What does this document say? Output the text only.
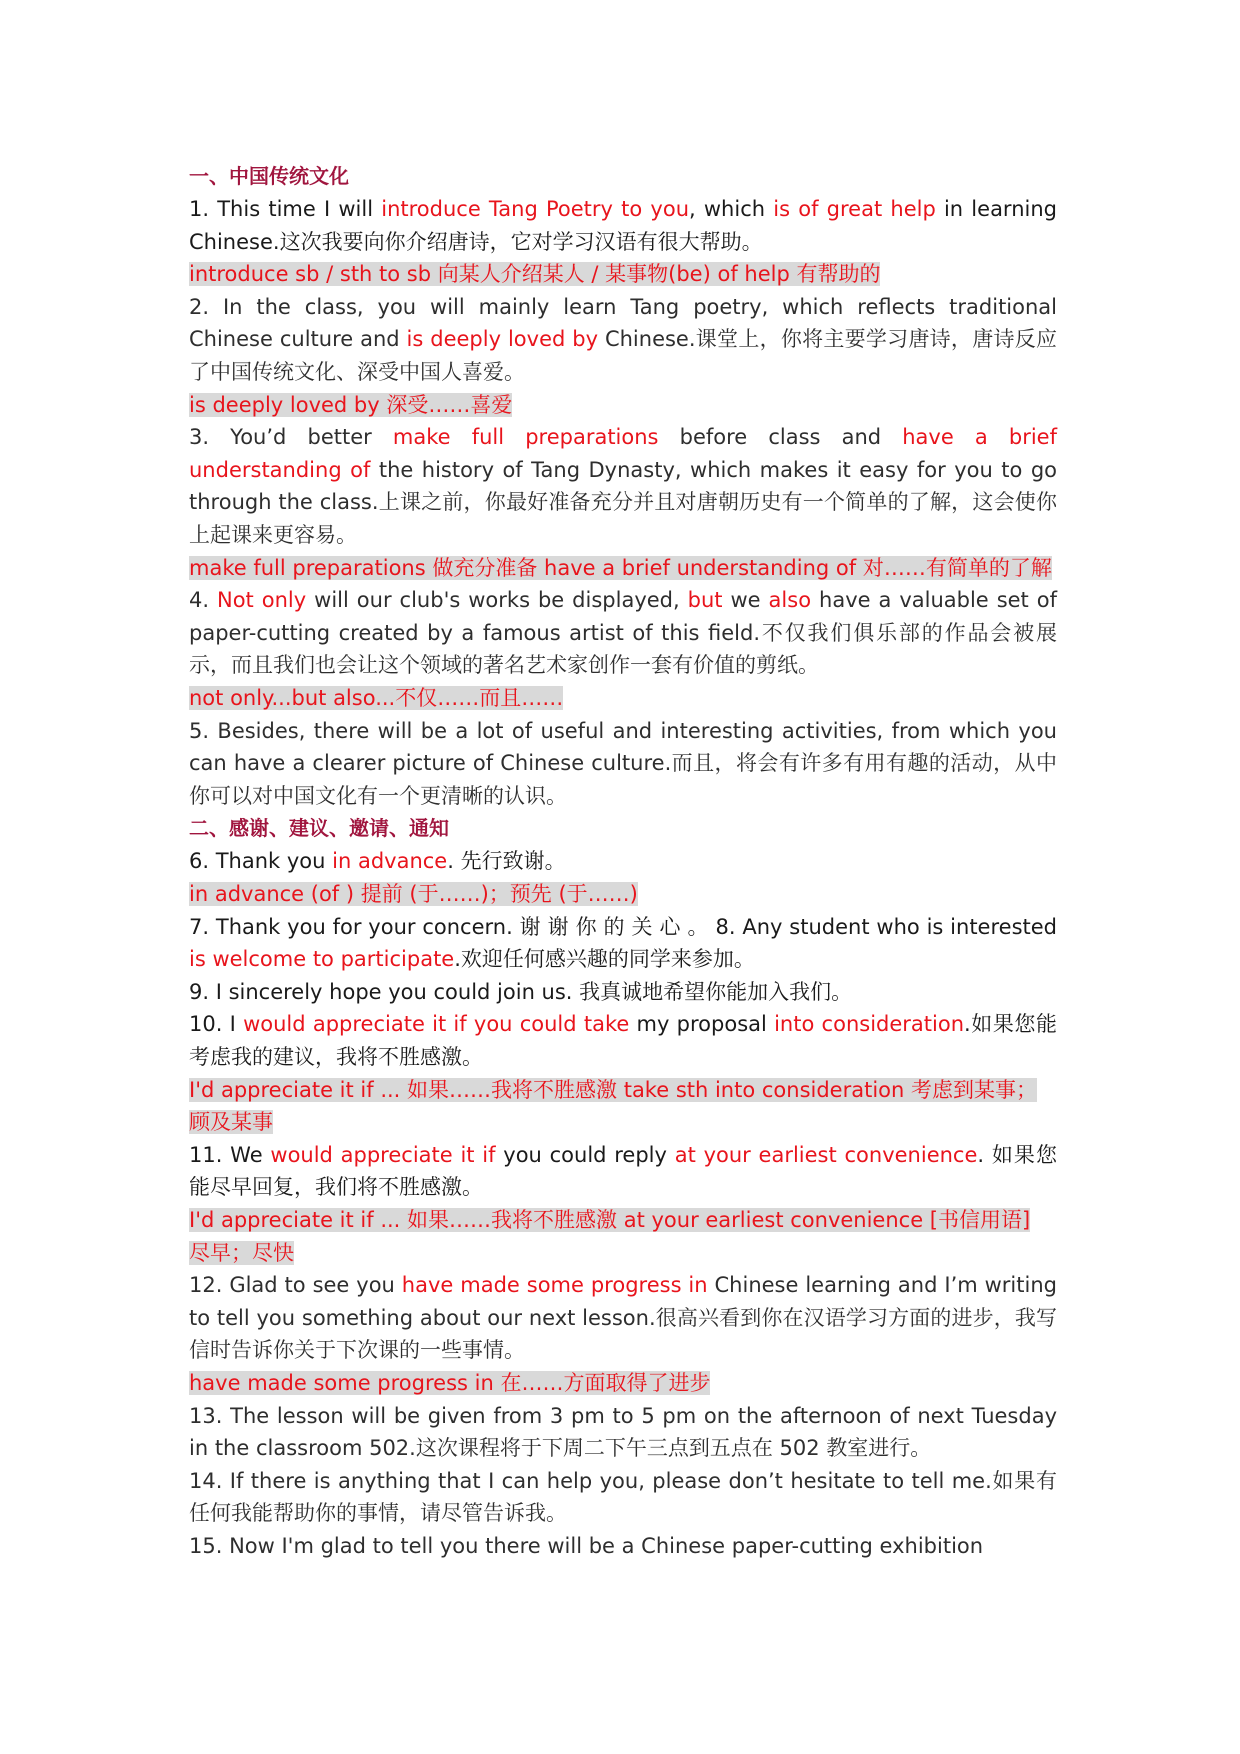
一、中国传统文化
1. This time I will introduce Tang Poetry to you, which is of great help in learning Chinese.这次我要向你介绍唐诗，它对学习汉语有很大帮助。
introduce sb / sth to sb 向某人介绍某人 / 某事物(be) of help 有帮助的
2. In the class, you will mainly learn Tang poetry, which reflects traditional Chinese culture and is deeply loved by Chinese.课堂上，你将主要学习唐诗，唐诗反应了中国传统文化、深受中国人喜爱。
is deeply loved by 深受……喜爱
3. You’d better make full preparations before class and have a brief understanding of the history of Tang Dynasty, which makes it easy for you to go through the class.上课之前，你最好准备充分并且对唐朝历史有一个简单的了解，这会使你上起课来更容易。
make full preparations 做充分准备 have a brief understanding of 对……有简单的了解
4. Not only will our club's works be displayed, but we also have a valuable set of paper-cutting created by a famous artist of this field.不仅我们俱乐部的作品会被展示，而且我们也会让这个领域的著名艺术家创作一套有价值的剪纸。
not only...but also...不仅……而且……
5. Besides, there will be a lot of useful and interesting activities, from which you can have a clearer picture of Chinese culture.而且，将会有许多有用有趣的活动，从中你可以对中国文化有一个更清晰的认识。
二、感谢、建议、邀请、通知
6. Thank you in advance. 先行致谢。
in advance (of ) 提前 (于……)；预先 (于……)
7. Thank you for your concern. 谢 谢 你 的 关 心 。 8. Any student who is interested is welcome to participate.欢迎任何感兴趣的同学来参加。
9. I sincerely hope you could join us. 我真诚地希望你能加入我们。
10. I would appreciate it if you could take my proposal into consideration.如果您能考虑我的建议，我将不胜感激。
I'd appreciate it if ... 如果……我将不胜感激 take sth into consideration 考虑到某事；顾及某事
11. We would appreciate it if you could reply at your earliest convenience. 如果您能尽早回复，我们将不胜感激。
I'd appreciate it if ... 如果……我将不胜感激 at your earliest convenience [书信用语] 尽早；尽快
12. Glad to see you have made some progress in Chinese learning and I’m writing to tell you something about our next lesson.很高兴看到你在汉语学习方面的进步，我写信时告诉你关于下次课的一些事情。
have made some progress in 在……方面取得了进步
13. The lesson will be given from 3 pm to 5 pm on the afternoon of next Tuesday in the classroom 502.这次课程将于下周二下午三点到五点在 502 教室进行。
14. If there is anything that I can help you, please don’t hesitate to tell me.如果有任何我能帮助你的事情，请尽管告诉我。
15. Now I'm glad to tell you there will be a Chinese paper-cutting exhibition
